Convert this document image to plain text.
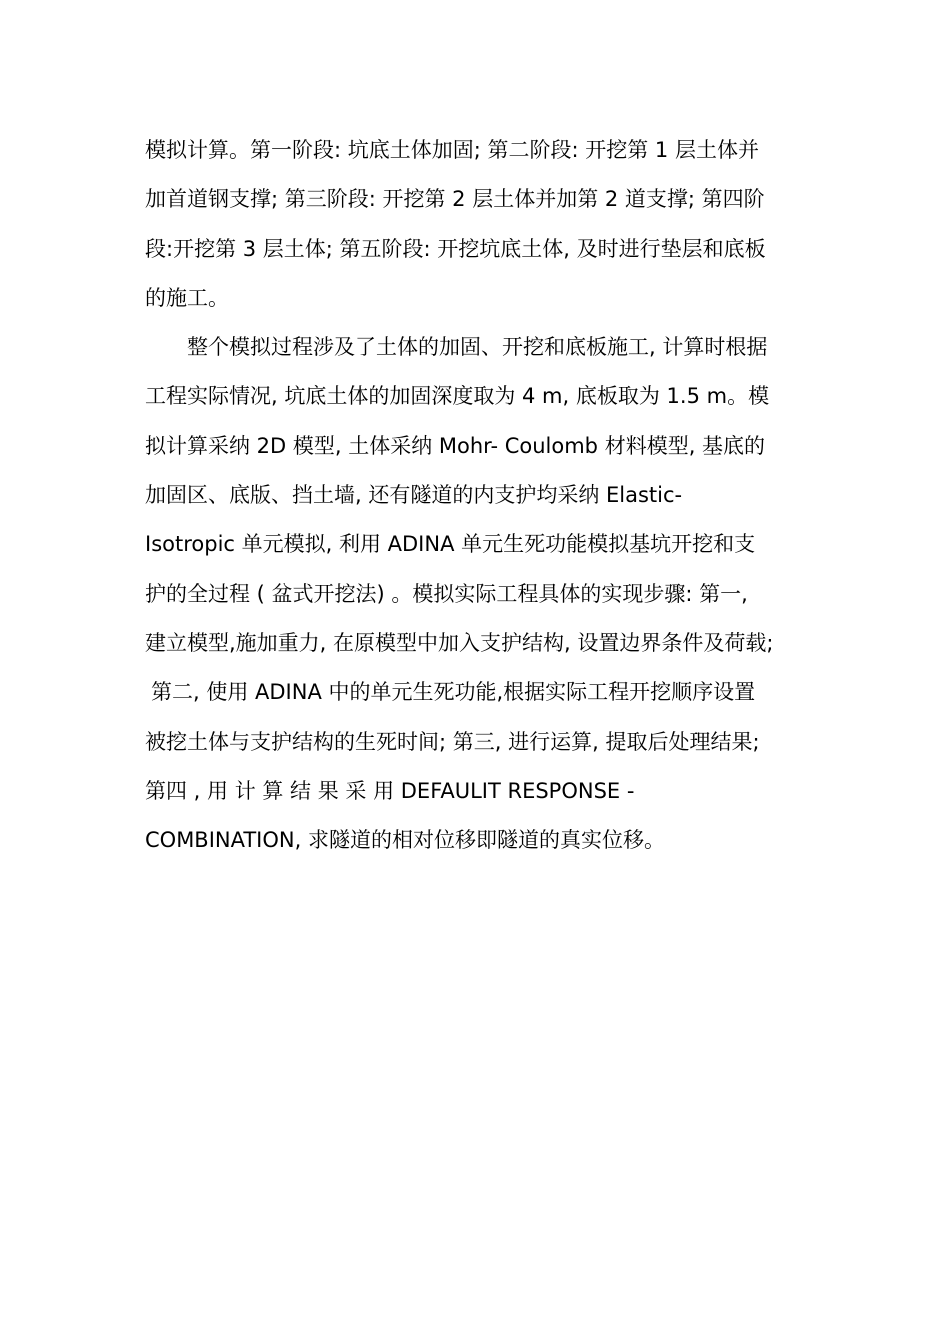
模拟计算。第一阶段: 坑底土体加固; 第二阶段: 开挖第 1 层土体并
加首道钢支撑; 第三阶段: 开挖第 2 层土体并加第 2 道支撑; 第四阶
段:开挖第 3 层土体; 第五阶段: 开挖坑底土体, 及时进行垫层和底板
的施工。
整个模拟过程涉及了土体的加固、开挖和底板施工, 计算时根据
工程实际情况, 坑底土体的加固深度取为 4 m, 底板取为 1.5 m。模
拟计算采纳 2D 模型, 土体采纳 Mohr- Coulomb 材料模型, 基底的
加固区、底版、挡土墙, 还有隧道的内支护均采纳 Elastic-
Isotropic 单元模拟, 利用 ADINA 单元生死功能模拟基坑开挖和支
护的全过程 ( 盆式开挖法) 。模拟实际工程具体的实现步骤: 第一,
建立模型,施加重力, 在原模型中加入支护结构, 设置边界条件及荷载;
第二, 使用 ADINA 中的单元生死功能,根据实际工程开挖顺序设置
被挖土体与支护结构的生死时间; 第三, 进行运算, 提取后处理结果;
第四 , 用 计 算 结 果 采 用 DEFAULIT RESPONSE -
COMBINATION, 求隧道的相对位移即隧道的真实位移。
